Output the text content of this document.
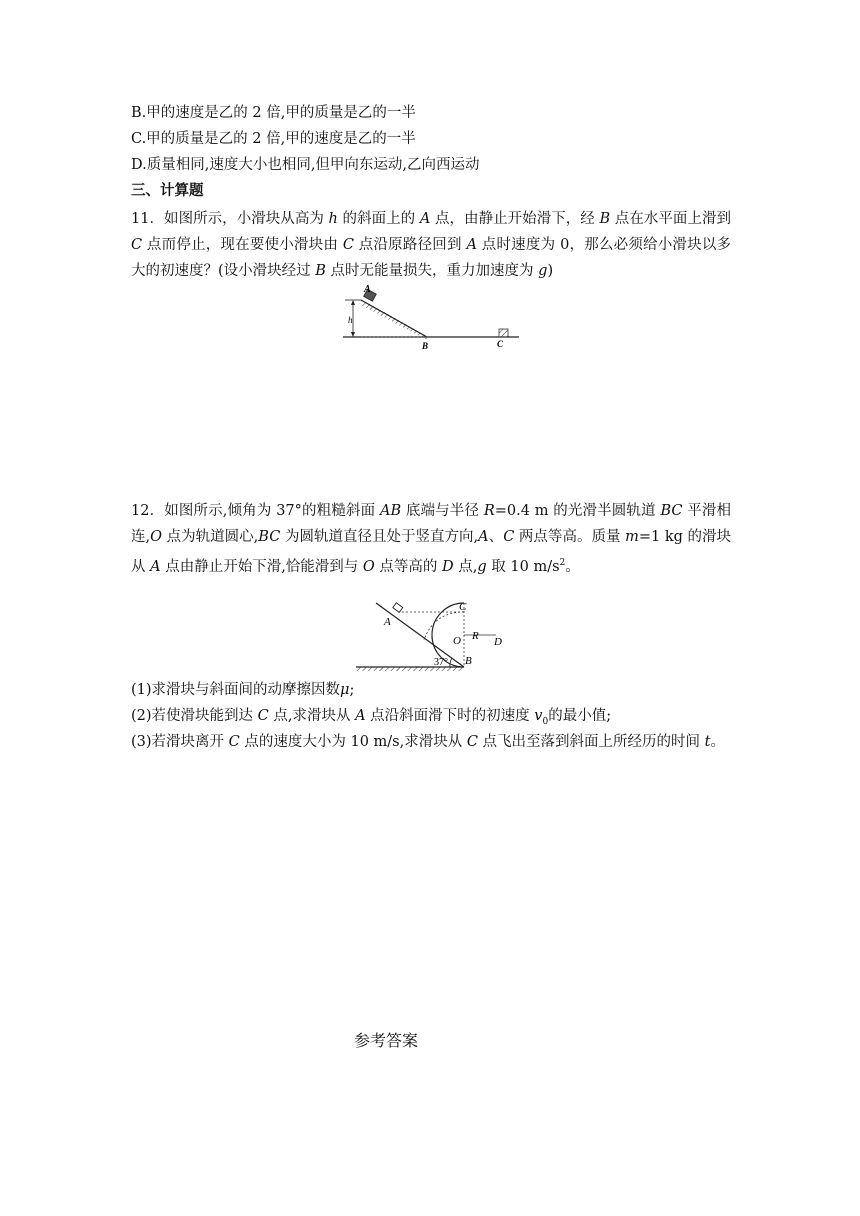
B.甲的速度是乙的 2 倍,甲的质量是乙的一半
C.甲的质量是乙的 2 倍,甲的速度是乙的一半
D.质量相同,速度大小也相同,但甲向东运动,乙向西运动
三、计算题
11．如图所示，小滑块从高为 h 的斜面上的 A 点，由静止开始滑下，经 B 点在水平面上滑到 C 点而停止，现在要使小滑块由 C 点沿原路径回到 A 点时速度为 0，那么必须给小滑块以多大的初速度？(设小滑块经过 B 点时无能量损失，重力加速度为 g)
A
h
B	C
12．如图所示,倾角为 37°的粗糙斜面 AB 底端与半径 R=0.4 m 的光滑半圆轨道 BC 平滑相连,O 点为轨道圆心,BC 为圆轨道直径且处于竖直方向,A、C 两点等高。质量 m=1 kg 的滑块从 A 点由静止开始下滑,恰能滑到与 O 点等高的 D 点,g 取 10 $m/s^2$。
A
C
O R D
B
37°
(1)求滑块与斜面间的动摩擦因数μ;
(2)若使滑块能到达 C 点,求滑块从 A 点沿斜面滑下时的初速度 $v_0$的最小值;
(3)若滑块离开 C 点的速度大小为 10 m/s,求滑块从 C 点飞出至落到斜面上所经历的时间 t。
参考答案
